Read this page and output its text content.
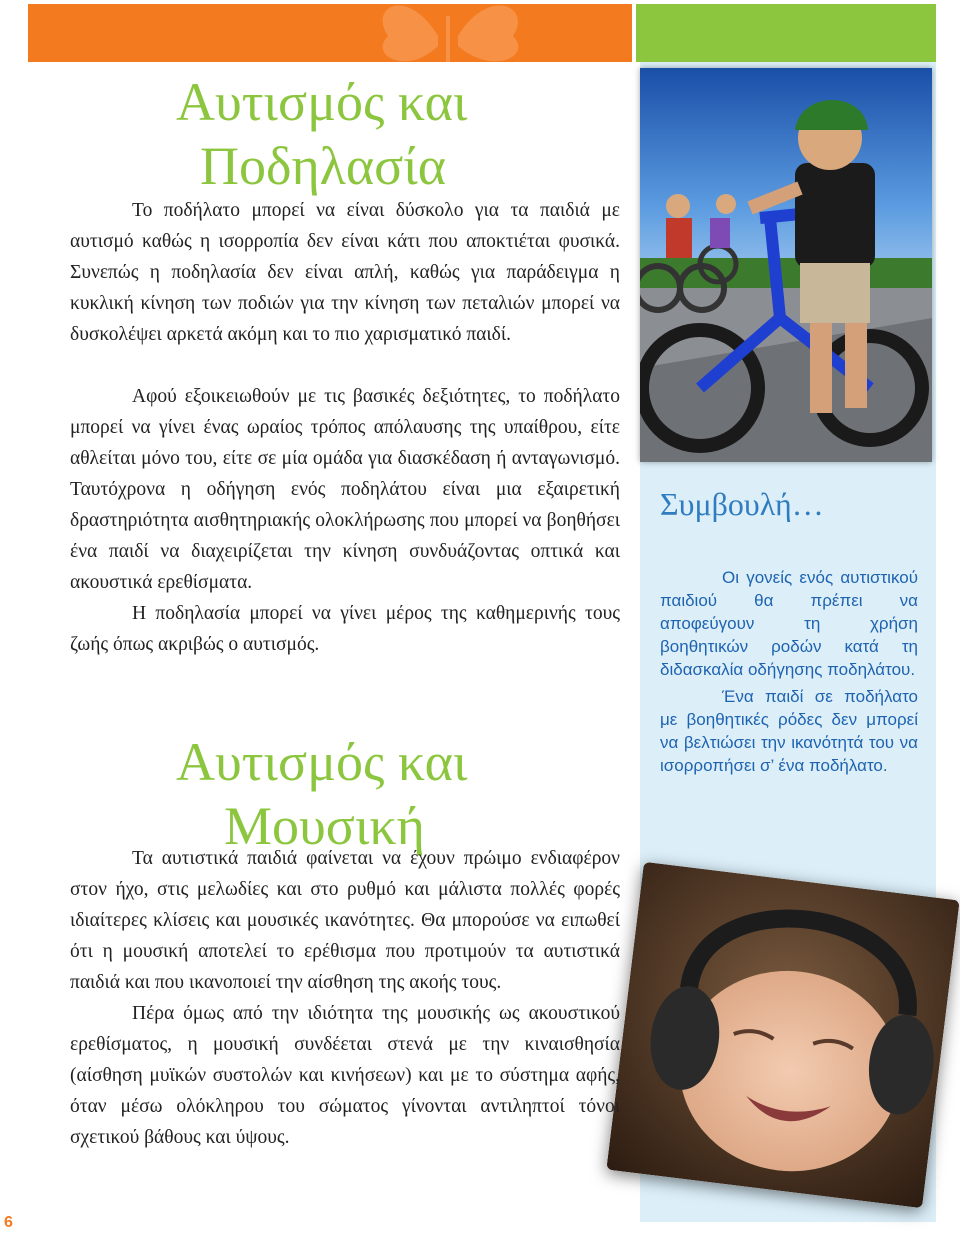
Αυτισμός και
Ποδηλασία

Το ποδήλατο μπορεί να είναι δύσκολο για τα παιδιά με αυτισμό καθώς η ισορροπία δεν είναι κάτι που αποκτιέται φυσικά. Συνεπώς η ποδηλασία δεν είναι απλή, καθώς για παράδειγμα η κυκλική κίνηση των ποδιών για την κίνηση των πεταλιών μπορεί να δυσκολέψει αρκετά ακόμη και το πιο χαρισματικό παιδί.

Αφού εξοικειωθούν με τις βασικές δεξιότητες, το ποδήλατο μπορεί να γίνει ένας ωραίος τρόπος απόλαυσης της υπαίθρου, είτε αθλείται μόνο του, είτε σε μία ομάδα για διασκέδαση ή ανταγωνισμό. Ταυτόχρονα η οδήγηση ενός ποδηλάτου είναι μια εξαιρετική δραστηριότητα αισθητηριακής ολοκλήρωσης που μπορεί να βοηθήσει ένα παιδί να διαχειρίζεται την κίνηση συνδυάζοντας οπτικά και ακουστικά ερεθίσματα.

Η ποδηλασία μπορεί να γίνει μέρος της καθημερινής τους ζωής όπως ακριβώς ο αυτισμός.

Συμβουλή…

Οι γονείς ενός αυτιστικού παιδιού θα πρέπει να αποφεύγουν τη χρήση βοηθητικών ροδών κατά τη διδασκαλία οδήγησης ποδηλάτου.

Ένα παιδί σε ποδήλατο με βοηθητικές ρόδες δεν μπορεί να βελτιώσει την ικανότητά του να ισορροπήσει σ’ ένα ποδήλατο.

Αυτισμός και
Μουσική

Τα αυτιστικά παιδιά φαίνεται να έχουν πρώιμο ενδιαφέρον στον ήχο, στις μελωδίες και στο ρυθμό και μάλιστα πολλές φορές ιδιαίτερες κλίσεις και μουσικές ικανότητες. Θα μπορούσε να ειπωθεί ότι η μουσική αποτελεί το ερέθισμα που προτιμούν τα αυτιστικά παιδιά και που ικανοποιεί την αίσθηση της ακοής τους.

Πέρα όμως από την ιδιότητα της μουσικής ως ακουστικού ερεθίσματος, η μουσική συνδέεται στενά με την κιναισθησία (αίσθηση μυϊκών συστολών και κινήσεων) και με το σύστημα αφής, όταν μέσω ολόκληρου του σώματος γίνονται αντιληπτοί τόνοι σχετικού βάθους και ύψους.

6
